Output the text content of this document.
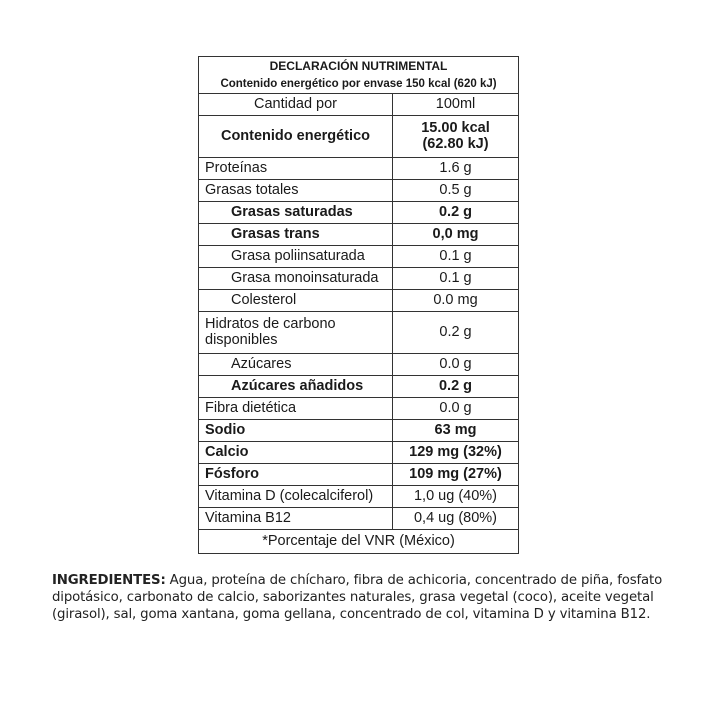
DECLARACIÓN NUTRIMENTAL	
Contenido energético por envase 150 kcal (620 kJ)	
Cantidad por	100ml
Contenido energético	15.00 kcal
(62.80 kJ)

Proteínas	1.6 g
Grasas totales	0.5 g
Grasas saturadas	0.2 g
Grasas trans	0,0 mg
Grasa poliinsaturada	0.1 g
Grasa monoinsaturada	0.1 g
Colesterol	0.0 mg

Hidratos de carbono
disponibles	0.2 g
Azúcares	0.0 g
Azúcares añadidos	0.2 g
Fibra dietética	0.0 g
Sodio	63 mg
Calcio	129 mg (32%)
Fósforo	109 mg (27%)
Vitamina D (colecalciferol)	1,0 ug (40%)
Vitamina B12	0,4 ug (80%)
*Porcentaje del VNR (México)	

INGREDIENTES: Agua, proteína de chícharo, fibra de achicoria, concentrado de piña, fosfato dipotásico, carbonato de calcio, saborizantes naturales, grasa vegetal (coco), aceite vegetal (girasol), sal, goma xantana, goma gellana, concentrado de col, vitamina D y vitamina B12.
